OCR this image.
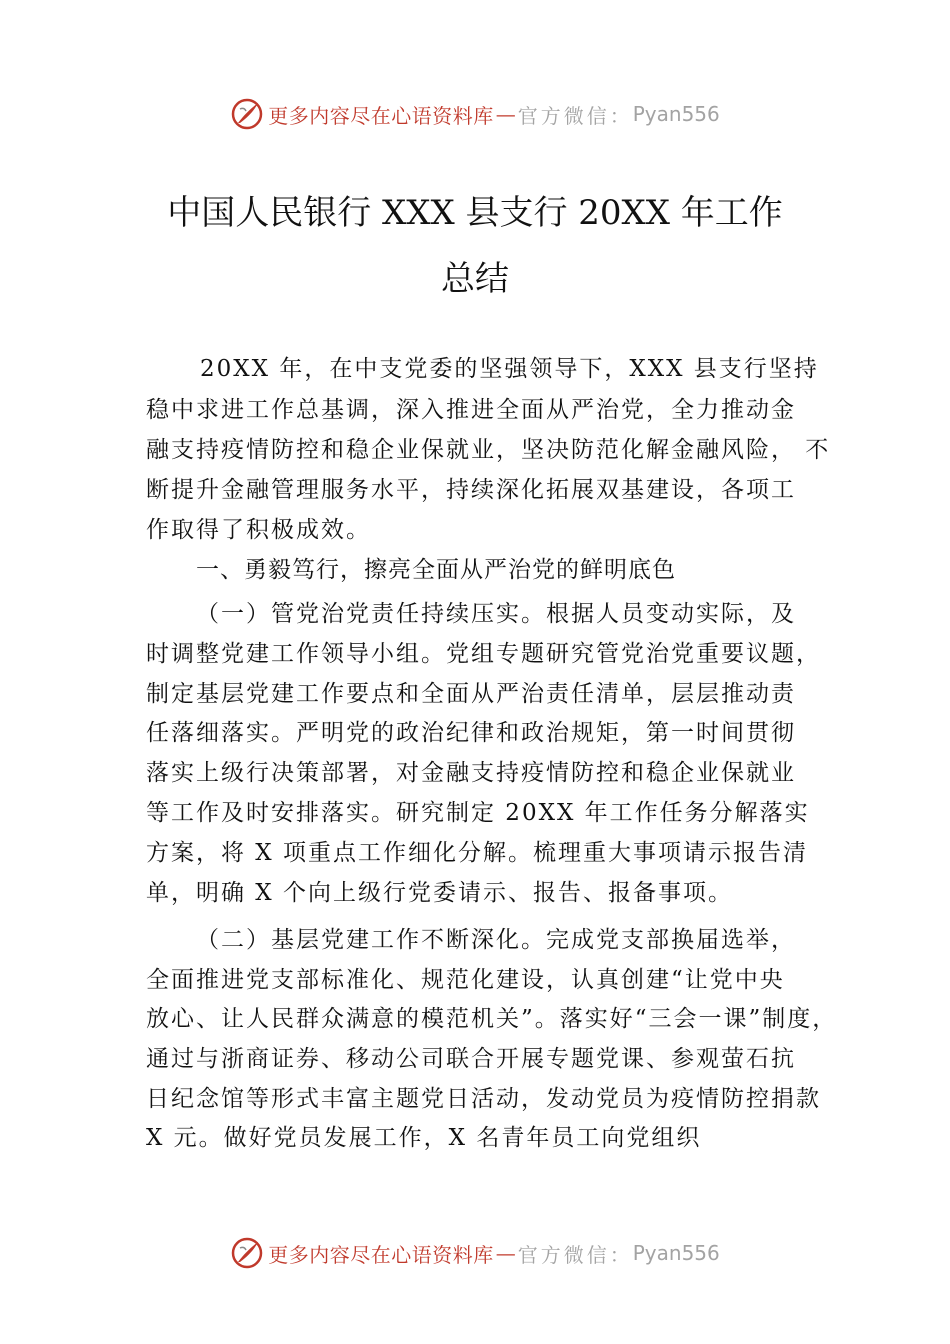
更多内容尽在心语资料库 — 官方微信： Pyan556
中国人民银行 XXX 县支行 20XX 年工作
总结
20XX 年，在中支党委的坚强领导下，XXX 县支行坚持
稳中求进工作总基调，深入推进全面从严治党，全力推动金
融支持疫情防控和稳企业保就业，坚决防范化解金融风险， 不
断提升金融管理服务水平，持续深化拓展双基建设，各项工
作取得了积极成效。
一、勇毅笃行，擦亮全面从严治党的鲜明底色
（一）管党治党责任持续压实。根据人员变动实际，及
时调整党建工作领导小组。党组专题研究管党治党重要议题，
制定基层党建工作要点和全面从严治责任清单，层层推动责
任落细落实。严明党的政治纪律和政治规矩，第一时间贯彻
落实上级行决策部署，对金融支持疫情防控和稳企业保就业
等工作及时安排落实。研究制定 20XX 年工作任务分解落实
方案，将 X 项重点工作细化分解。梳理重大事项请示报告清
单，明确 X 个向上级行党委请示、报告、报备事项。
（二）基层党建工作不断深化。完成党支部换届选举，
全面推进党支部标准化、规范化建设，认真创建“让党中央
放心、让人民群众满意的模范机关”。落实好“三会一课”制度，
通过与浙商证券、移动公司联合开展专题党课、参观萤石抗
日纪念馆等形式丰富主题党日活动，发动党员为疫情防控捐款
X 元。做好党员发展工作，X 名青年员工向党组织
更多内容尽在心语资料库 — 官方微信： Pyan556
